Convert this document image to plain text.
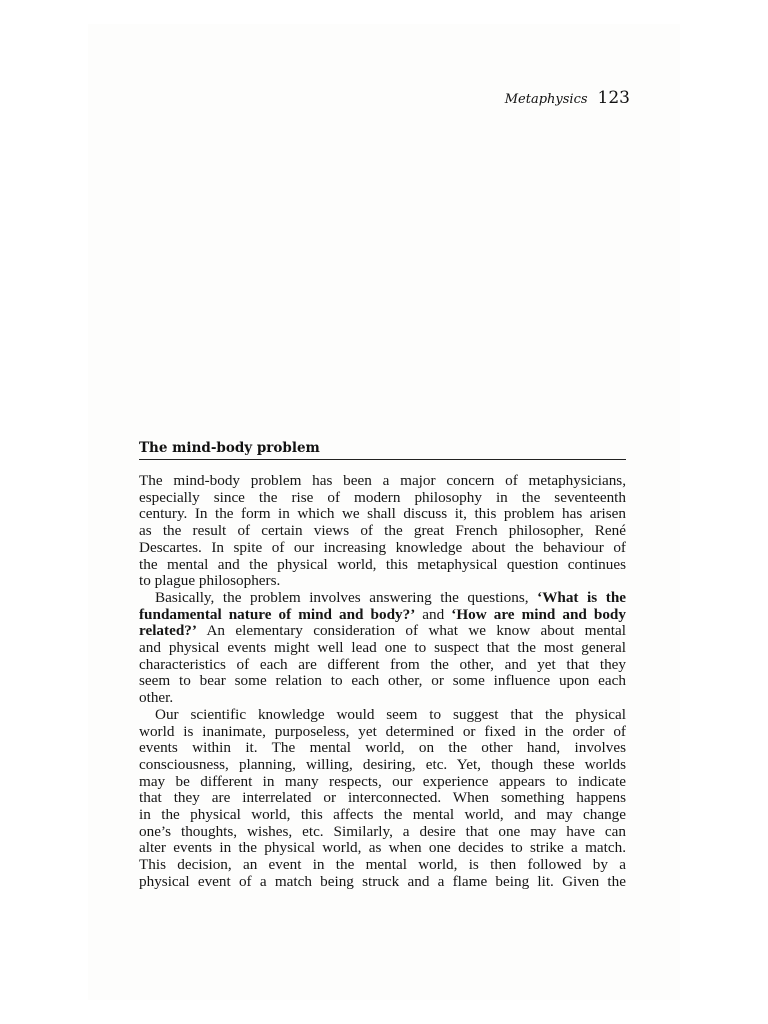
Metaphysics 123
The mind-body problem
The mind-body problem has been a major concern of metaphysicians,
especially since the rise of modern philosophy in the seventeenth
century. In the form in which we shall discuss it, this problem has arisen
as the result of certain views of the great French philosopher, René
Descartes. In spite of our increasing knowledge about the behaviour of
the mental and the physical world, this metaphysical question continues
to plague philosophers.
Basically, the problem involves answering the questions, ‘What is the
fundamental nature of mind and body?’ and ‘How are mind and body
related?’ An elementary consideration of what we know about mental
and physical events might well lead one to suspect that the most general
characteristics of each are different from the other, and yet that they
seem to bear some relation to each other, or some influence upon each
other.
Our scientific knowledge would seem to suggest that the physical
world is inanimate, purposeless, yet determined or fixed in the order of
events within it. The mental world, on the other hand, involves
consciousness, planning, willing, desiring, etc. Yet, though these worlds
may be different in many respects, our experience appears to indicate
that they are interrelated or interconnected. When something happens
in the physical world, this affects the mental world, and may change
one’s thoughts, wishes, etc. Similarly, a desire that one may have can
alter events in the physical world, as when one decides to strike a match.
This decision, an event in the mental world, is then followed by a
physical event of a match being struck and a flame being lit. Given the
